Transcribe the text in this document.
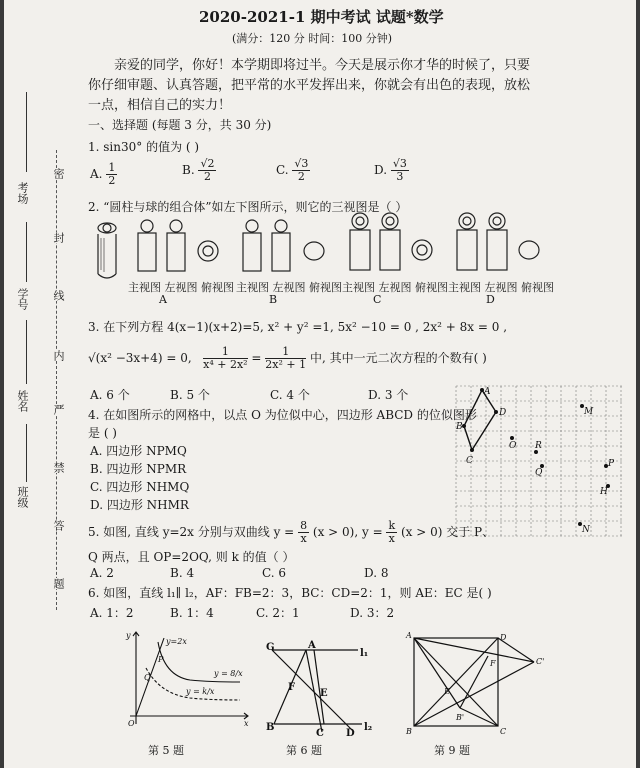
2020-2021-1 期中考试 试题*数学
(满分：120 分 时间：100 分钟)
亲爱的同学，你好！本学期即将过半。今天是展示你才华的时候了，只要
你仔细审题、认真答题，把平常的水平发挥出来，你就会有出色的表现，放松
一点，相信自己的实力！
一、选择题 (每题 3 分，共 30 分)
1. sin30° 的值为 ( )
A. $\frac{1}{2}$	B. $\frac{√2}{2}$	C. $\frac{√3}{2}$	D. $\frac{√3}{3}$
2. “圆柱与球的组合体”如左下图所示，则它的三视图是（ ）
主视图 左视图 俯视图 主视图 左视图 俯视图 主视图 左视图 俯视图 主视图 左视图 俯视图
A	B	C	D
3. 在下列方程 4(x−1)(x+2)=5, x² + y² =1, 5x² −10 = 0 , 2x² + 8x = 0 ,
√(x² −3x+4) = 0, $\frac{1}{\text{x⁴ + 2x²}} = \frac{1}{\text{2x² + 1}}$ 中, 其中一元二次方程的个数有( )
A. 6 个	B. 5 个	C. 4 个	D. 3 个
4. 在如图所示的网格中，以点 O 为位似中心，四边形 ABCD 的位似图形
是 ( )
A. 四边形 NPMQ
B. 四边形 NPMR
C. 四边形 NHMQ
D. 四边形 NHMR
A
B
C
D
O R
Q
M
P
H
N
5. 如图, 直线 y=2x 分别与双曲线 $y = \frac{8}{x} (x > 0)$, $y = \frac{k}{x} (x > 0)$ 交于 P、
Q 两点，且 OP=2OQ, 则 k 的值（ ）
A. 2	B. 4	C. 6	D. 8
6. 如图，直线 l₁∥ l₂，AF：FB=2：3，BC：CD=2：1，则 AE：EC 是( )
A. 1：2	B. 1：4	C. 2：1	D. 3：2
y
y=2x
y = 8/x
y = k/x
Q
O	x
P
第 5 题
G	A
l₁
F
E
B
C D
l₂
第 6 题
A	D
F	C'
E
B'
B	C
第 9 题
考场
学号
姓名
班级
密
封
线
内
严
禁
答
题
